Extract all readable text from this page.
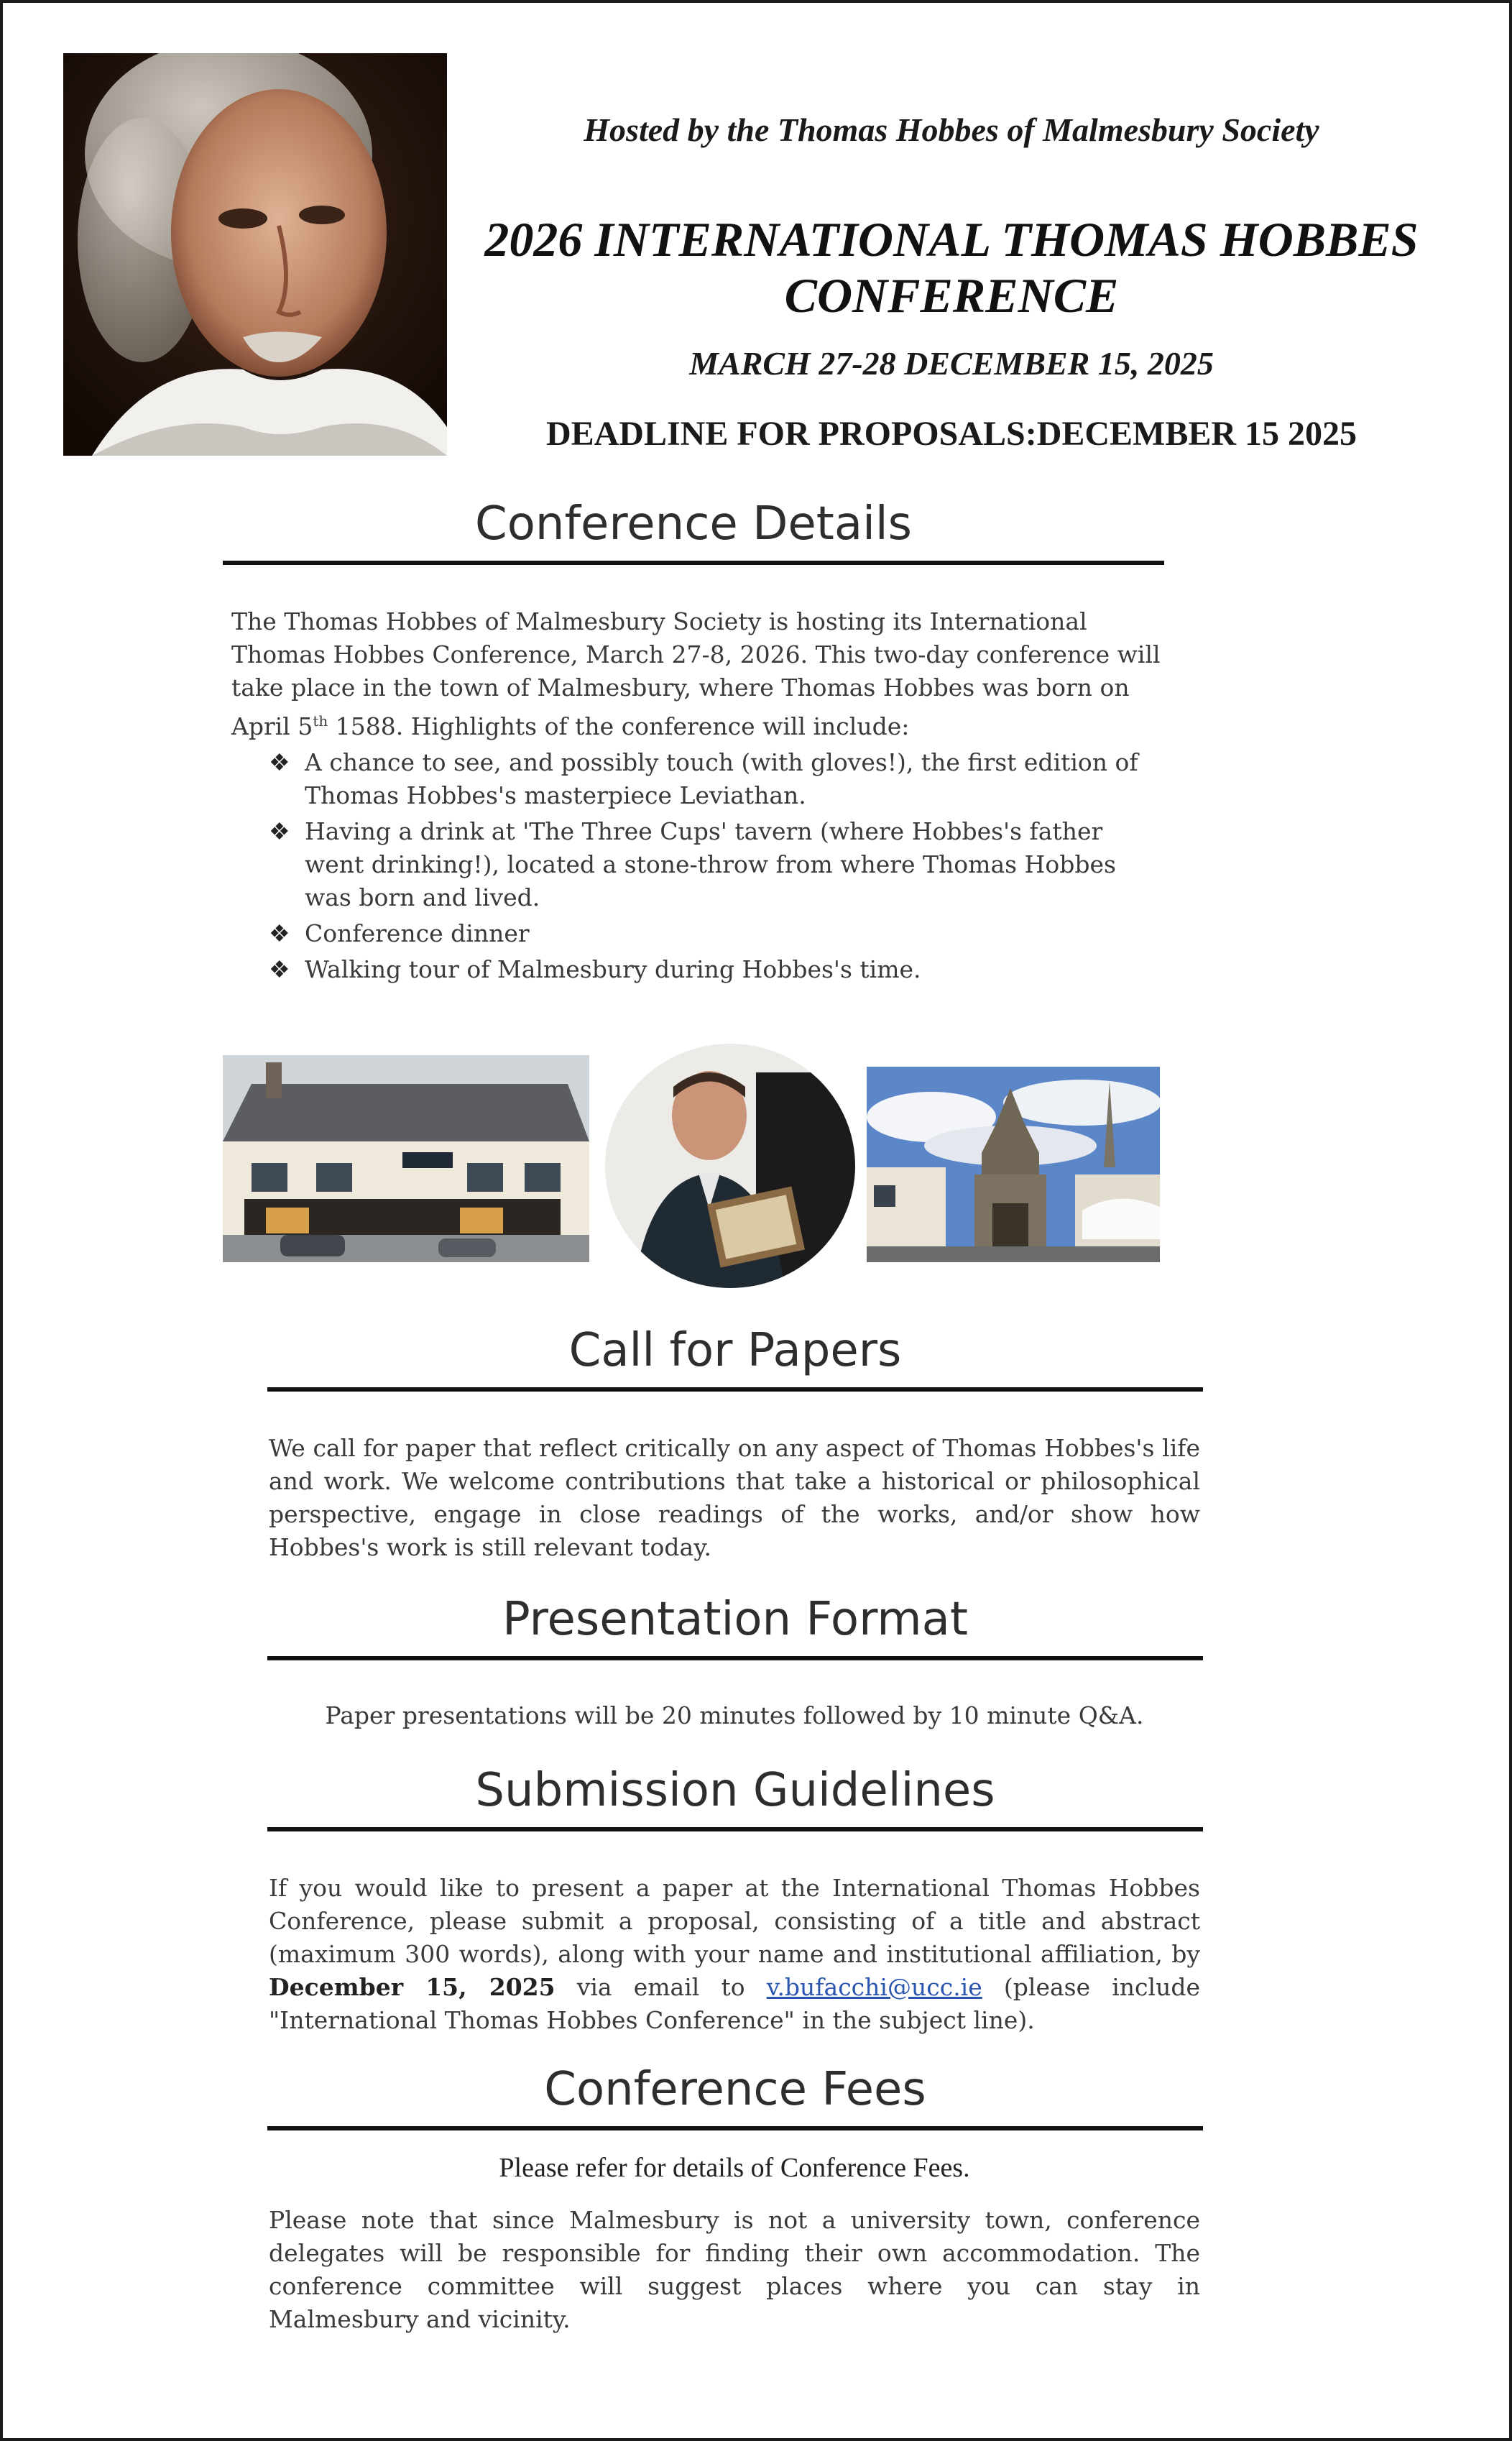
Hosted by the Thomas Hobbes of Malmesbury Society
2026 INTERNATIONAL THOMAS HOBBES
CONFERENCE
MARCH 27-28 DECEMBER 15, 2025
DEADLINE FOR PROPOSALS:DECEMBER 15 2025
Conference Details
The Thomas Hobbes of Malmesbury Society is hosting its International Thomas Hobbes Conference, March 27-8, 2026. This two-day conference will take place in the town of Malmesbury, where Thomas Hobbes was born on April 5th 1588. Highlights of the conference will include:
❖ A chance to see, and possibly touch (with gloves!), the first edition of Thomas Hobbes's masterpiece Leviathan.
❖ Having a drink at 'The Three Cups' tavern (where Hobbes's father went drinking!), located a stone-throw from where Thomas Hobbes was born and lived.
❖ Conference dinner
❖ Walking tour of Malmesbury during Hobbes's time.
Call for Papers
We call for paper that reflect critically on any aspect of Thomas Hobbes's life and work. We welcome contributions that take a historical or philosophical perspective, engage in close readings of the works, and/or show how Hobbes's work is still relevant today.
Presentation Format
Paper presentations will be 20 minutes followed by 10 minute Q&A.
Submission Guidelines
If you would like to present a paper at the International Thomas Hobbes Conference, please submit a proposal, consisting of a title and abstract (maximum 300 words), along with your name and institutional affiliation, by December 15, 2025 via email to v.bufacchi@ucc.ie (please include "International Thomas Hobbes Conference" in the subject line).
Conference Fees
Please refer for details of Conference Fees.
Please note that since Malmesbury is not a university town, conference delegates will be responsible for finding their own accommodation. The conference committee will suggest places where you can stay in Malmesbury and vicinity.
